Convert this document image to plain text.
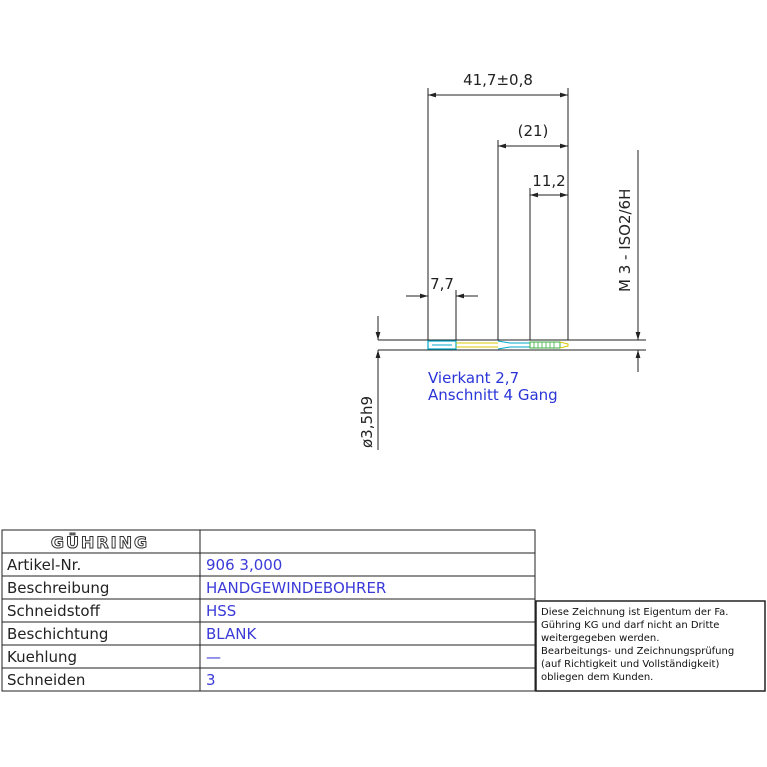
41,7±0,8
(21)
11,2
7,7	M 3 - ISO2/6H
ø3,5h9
Vierkant 2,7
Anschnitt 4 Gang
GÜHRING
Artikel-Nr.	906 3,000
Beschreibung	HANDGEWINDEBOHRER
Schneidstoff	HSS
Beschichtung	BLANK
Kuehlung	—
Schneiden	3
Diese Zeichnung ist Eigentum der Fa.
Gühring KG und darf nicht an Dritte
weitergegeben werden.
Bearbeitungs- und Zeichnungsprüfung
(auf Richtigkeit und Vollständigkeit)
obliegen dem Kunden.
